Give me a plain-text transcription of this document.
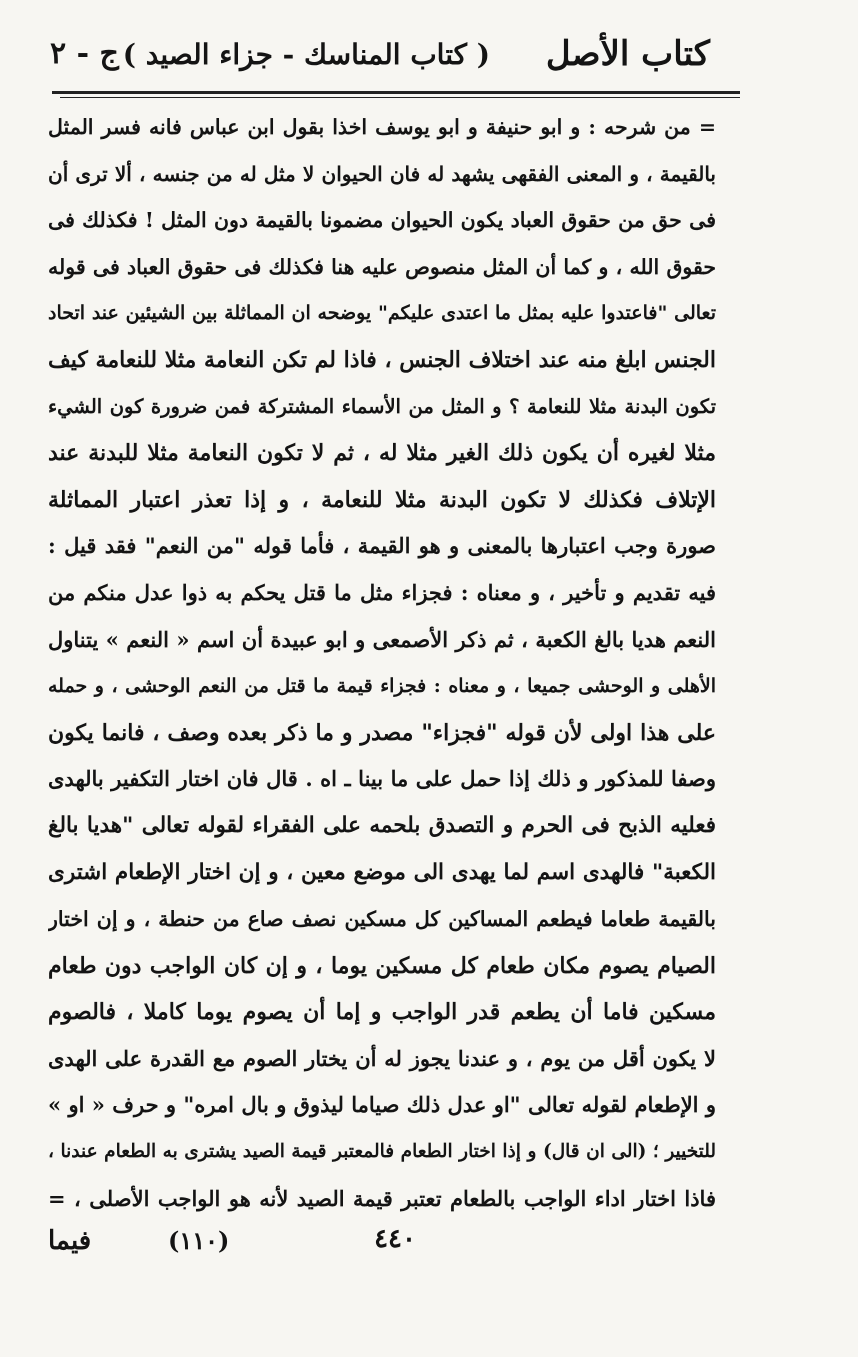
كتاب الأصل
( كتاب المناسك - جزاء الصيد )
ج - ٢
= من شرحه : و ابو حنيفة و ابو يوسف اخذا بقول ابن عباس فانه فسر المثل
بالقيمة ، و المعنى الفقهى يشهد له فان الحيوان لا مثل له من جنسه ، ألا ترى أن
فى حق من حقوق العباد يكون الحيوان مضمونا بالقيمة دون المثل ! فكذلك فى
حقوق الله ، و كما أن المثل منصوص عليه هنا فكذلك فى حقوق العباد فى قوله
تعالى "فاعتدوا عليه بمثل ما اعتدى عليكم" يوضحه ان المماثلة بين الشيئين عند اتحاد
الجنس ابلغ منه عند اختلاف الجنس ، فاذا لم تكن النعامة مثلا للنعامة كيف
تكون البدنة مثلا للنعامة ؟ و المثل من الأسماء المشتركة فمن ضرورة كون الشيء
مثلا لغيره أن يكون ذلك الغير مثلا له ، ثم لا تكون النعامة مثلا للبدنة عند
الإتلاف فكذلك لا تكون البدنة مثلا للنعامة ، و إذا تعذر اعتبار المماثلة
صورة وجب اعتبارها بالمعنى و هو القيمة ، فأما قوله "من النعم" فقد قيل :
فيه تقديم و تأخير ، و معناه : فجزاء مثل ما قتل يحكم به ذوا عدل منكم من
النعم هديا بالغ الكعبة ، ثم ذكر الأصمعى و ابو عبيدة أن اسم « النعم » يتناول
الأهلى و الوحشى جميعا ، و معناه : فجزاء قيمة ما قتل من النعم الوحشى ، و حمله
على هذا اولى لأن قوله "فجزاء" مصدر و ما ذكر بعده وصف ، فانما يكون
وصفا للمذكور و ذلك إذا حمل على ما بينا ـ اه . قال فان اختار التكفير بالهدى
فعليه الذبح فى الحرم و التصدق بلحمه على الفقراء لقوله تعالى "هديا بالغ
الكعبة" فالهدى اسم لما يهدى الى موضع معين ، و إن اختار الإطعام اشترى
بالقيمة طعاما فيطعم المساكين كل مسكين نصف صاع من حنطة ، و إن اختار
الصيام يصوم مكان طعام كل مسكين يوما ، و إن كان الواجب دون طعام
مسكين فاما أن يطعم قدر الواجب و إما أن يصوم يوما كاملا ، فالصوم
لا يكون أقل من يوم ، و عندنا يجوز له أن يختار الصوم مع القدرة على الهدى
و الإطعام لقوله تعالى "او عدل ذلك صياما ليذوق و بال امره" و حرف « او »
للتخيير ؛ (الى ان قال) و إذا اختار الطعام فالمعتبر قيمة الصيد يشترى به الطعام عندنا ،
فاذا اختار اداء الواجب بالطعام تعتبر قيمة الصيد لأنه هو الواجب الأصلى ، =
٤٤٠
(١١٠)
فيما
